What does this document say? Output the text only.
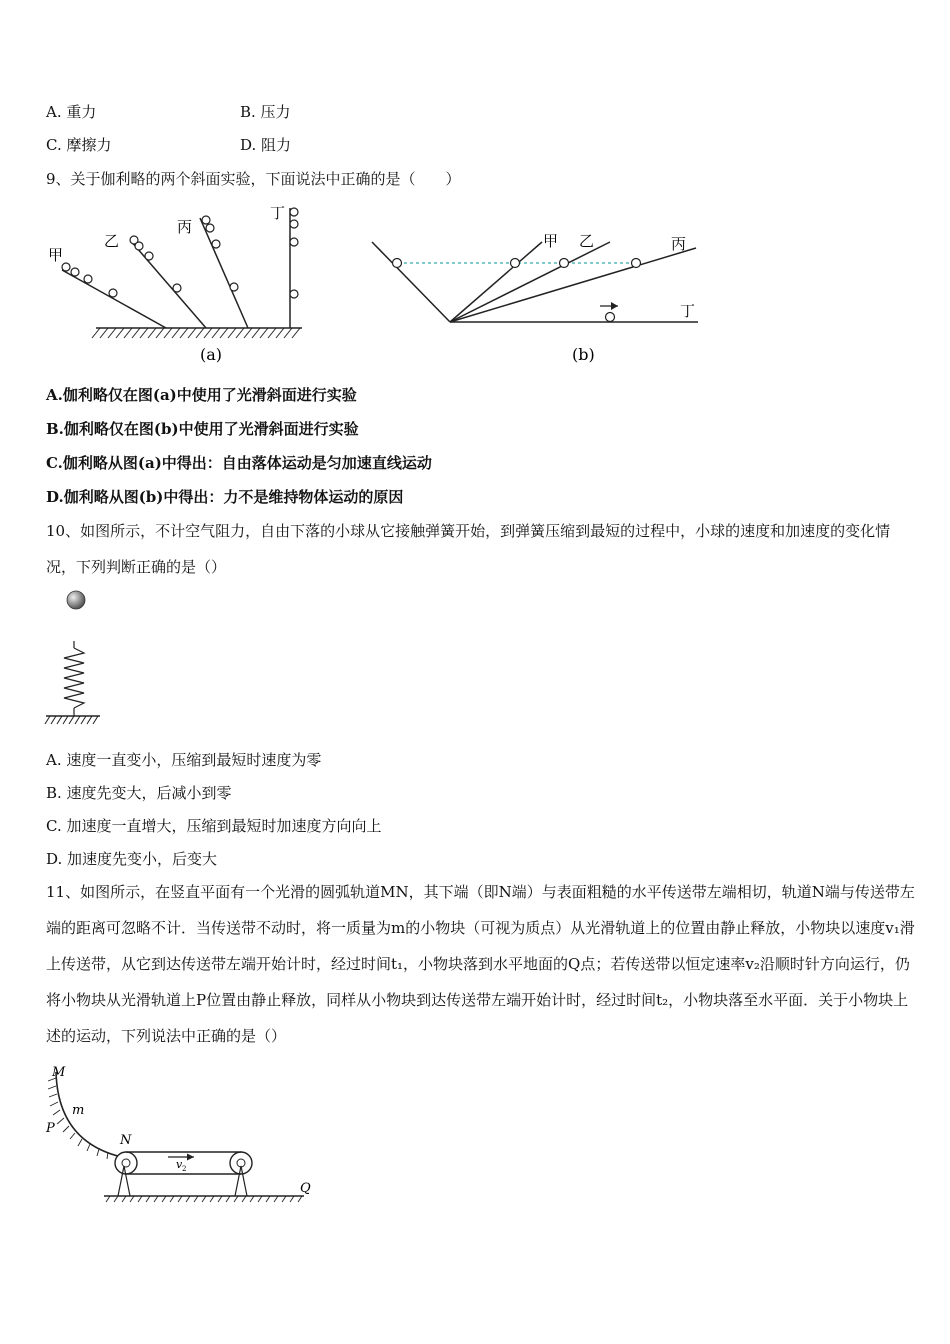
A. 重力	B. 压力
C. 摩擦力	D. 阻力
9、关于伽利略的两个斜面实验，下面说法中正确的是（　　）
甲
乙
丙
丁
(a)
甲 乙	丙
丁
(b)
A.伽利略仅在图(a)中使用了光滑斜面进行实验
B.伽利略仅在图(b)中使用了光滑斜面进行实验
C.伽利略从图(a)中得出：自由落体运动是匀加速直线运动
D.伽利略从图(b)中得出：力不是维持物体运动的原因
10、如图所示，不计空气阻力，自由下落的小球从它接触弹簧开始，到弹簧压缩到最短的过程中，小球的速度和加速度的变化情况，下列判断正确的是（）
A. 速度一直变小，压缩到最短时速度为零
B. 速度先变大，后减小到零
C. 加速度一直增大，压缩到最短时加速度方向向上
D. 加速度先变小，后变大
11、如图所示，在竖直平面有一个光滑的圆弧轨道MN，其下端（即N端）与表面粗糙的水平传送带左端相切，轨道N端与传送带左端的距离可忽略不计．当传送带不动时，将一质量为m的小物块（可视为质点）从光滑轨道上的位置由静止释放，小物块以速度v₁滑上传送带，从它到达传送带左端开始计时，经过时间t₁，小物块落到水平地面的Q点；若传送带以恒定速率v₂沿顺时针方向运行，仍将小物块从光滑轨道上P位置由静止释放，同样从小物块到达传送带左端开始计时，经过时间t₂，小物块落至水平面．关于小物块上述的运动，下列说法中正确的是（）
M
m
P
N
v 2
Q
